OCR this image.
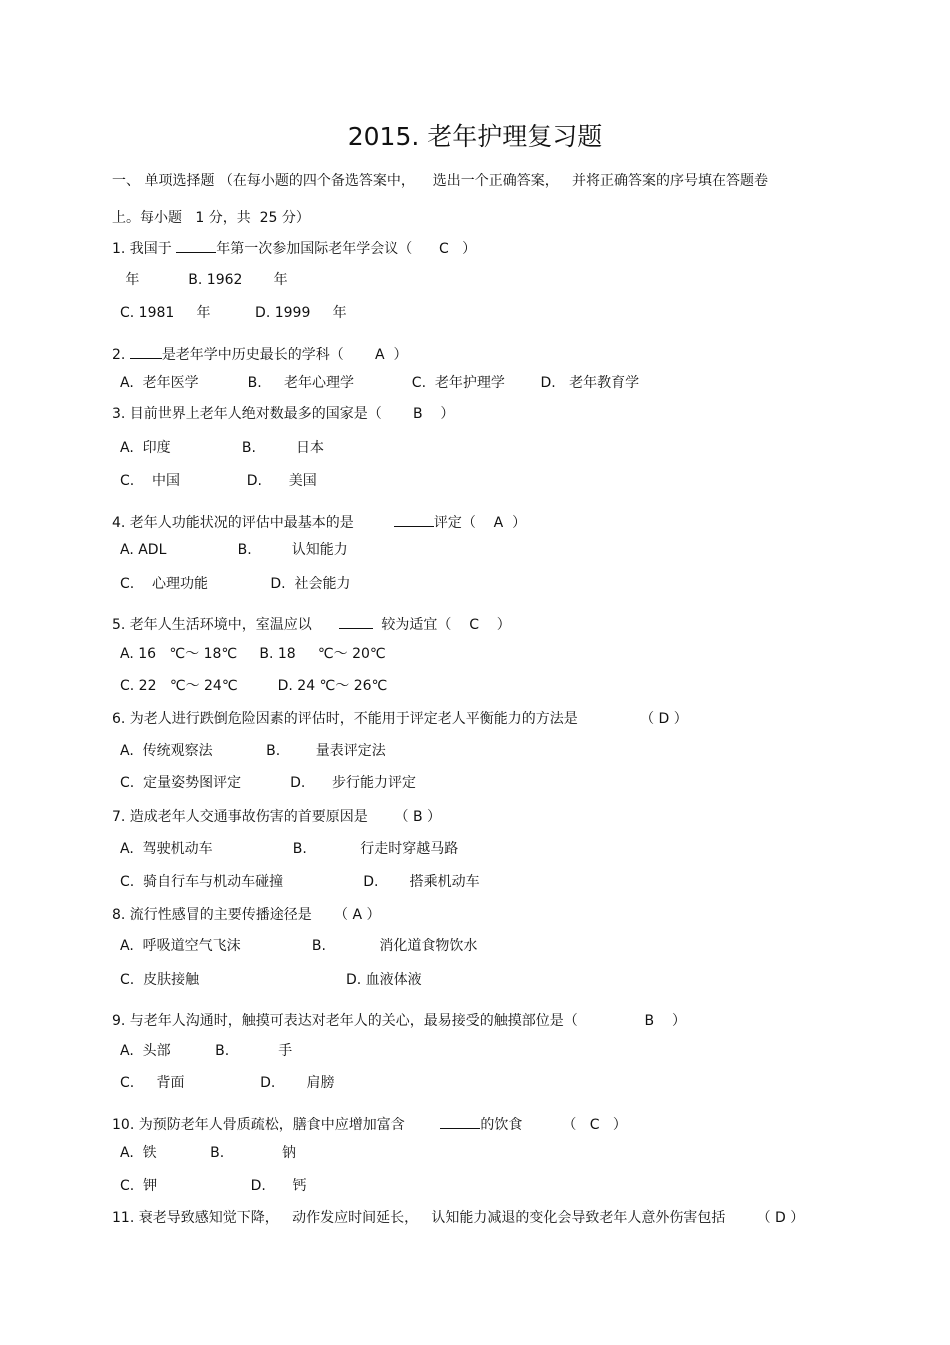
2015. 老年护理复习题
一、 单项选择题 （在每小题的四个备选答案中，    选出一个正确答案，   并将正确答案的序号填在答题卷
上。每小题   1 分，共  25 分）
1. 我国于	年第一次参加国际老年学会议（      C   ）
年           B. 1962       年
C. 1981     年          D. 1999     年
2. 是老年学中历史最长的学科（       A  ）
A.  老年医学           B.     老年心理学             C.  老年护理学        D.   老年教育学
3. 目前世界上老年人绝对数最多的国家是（       B    ）
A.  印度                B.         日本
C.    中国               D.      美国
4. 老年人功能状况的评估中最基本的是	评定（    A  ）
A. ADL                B.         认知能力
C.    心理功能              D.  社会能力
5. 老年人生活环境中，室温应以        较为适宜（    C    ）
A. 16   ℃～ 18℃     B. 18     ℃～ 20℃
C. 22   ℃～ 24℃         D. 24 ℃～ 26℃
6. 为老人进行跌倒危险因素的评估时，不能用于评定老人平衡能力的方法是              （ D ）
A.  传统观察法            B.        量表评定法
C.  定量姿势图评定           D.      步行能力评定
7. 造成老年人交通事故伤害的首要原因是      （ B ）
A.  驾驶机动车                  B.            行走时穿越马路
C.  骑自行车与机动车碰撞                  D.       搭乘机动车
8. 流行性感冒的主要传播途径是     （ A ）
A.  呼吸道空气飞沫                B.            消化道食物饮水
C.  皮肤接触                                 D. 血液体液
9. 与老年人沟通时，触摸可表达对老年人的关心，最易接受的触摸部位是（               B    ）
A.  头部          B.           手
C.     背面                 D.       肩膀
10. 为预防老年人骨质疏松，膳食中应增加富含	的饮食         （   C   ）
A.  铁            B.             钠
C.  钾                     D.      钙
11. 衰老导致感知觉下降，   动作发应时间延长，   认知能力减退的变化会导致老年人意外伤害包括       （ D ）
